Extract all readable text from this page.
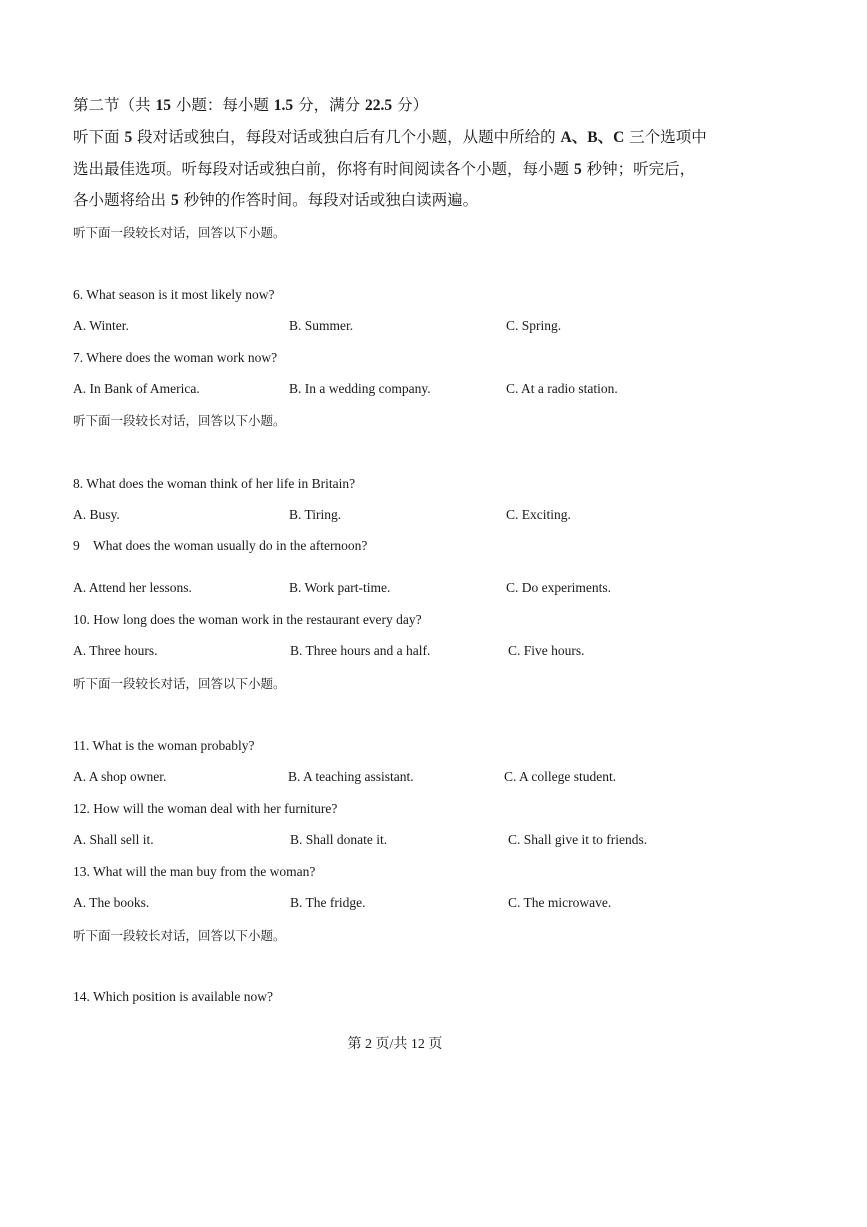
第二节（共 15 小题：每小题 1.5 分，满分 22.5 分）
听下面 5 段对话或独白，每段对话或独白后有几个小题，从题中所给的 A、B、C 三个选项中
选出最佳选项。听每段对话或独白前，你将有时间阅读各个小题，每小题 5 秒钟；听完后，
各小题将给出 5 秒钟的作答时间。每段对话或独白读两遍。
听下面一段较长对话，回答以下小题。
6. What season is it most likely now?
A. Winter.	B. Summer.	C. Spring.
7. Where does the woman work now?
A. In Bank of America.	B. In a wedding company.	C. At a radio station.
听下面一段较长对话，回答以下小题。
8. What does the woman think of her life in Britain?
A. Busy.	B. Tiring.	C. Exciting.
9    What does the woman usually do in the afternoon?
A. Attend her lessons.	B. Work part-time.	C. Do experiments.
10. How long does the woman work in the restaurant every day?
A. Three hours.	B. Three hours and a half.	C. Five hours.
听下面一段较长对话，回答以下小题。
11. What is the woman probably?
A. A shop owner.	B. A teaching assistant.	C. A college student.
12. How will the woman deal with her furniture?
A. Shall sell it.	B. Shall donate it.	C. Shall give it to friends.
13. What will the man buy from the woman?
A. The books.	B. The fridge.	C. The microwave.
听下面一段较长对话，回答以下小题。
14. Which position is available now?
第 2 页/共 12 页
